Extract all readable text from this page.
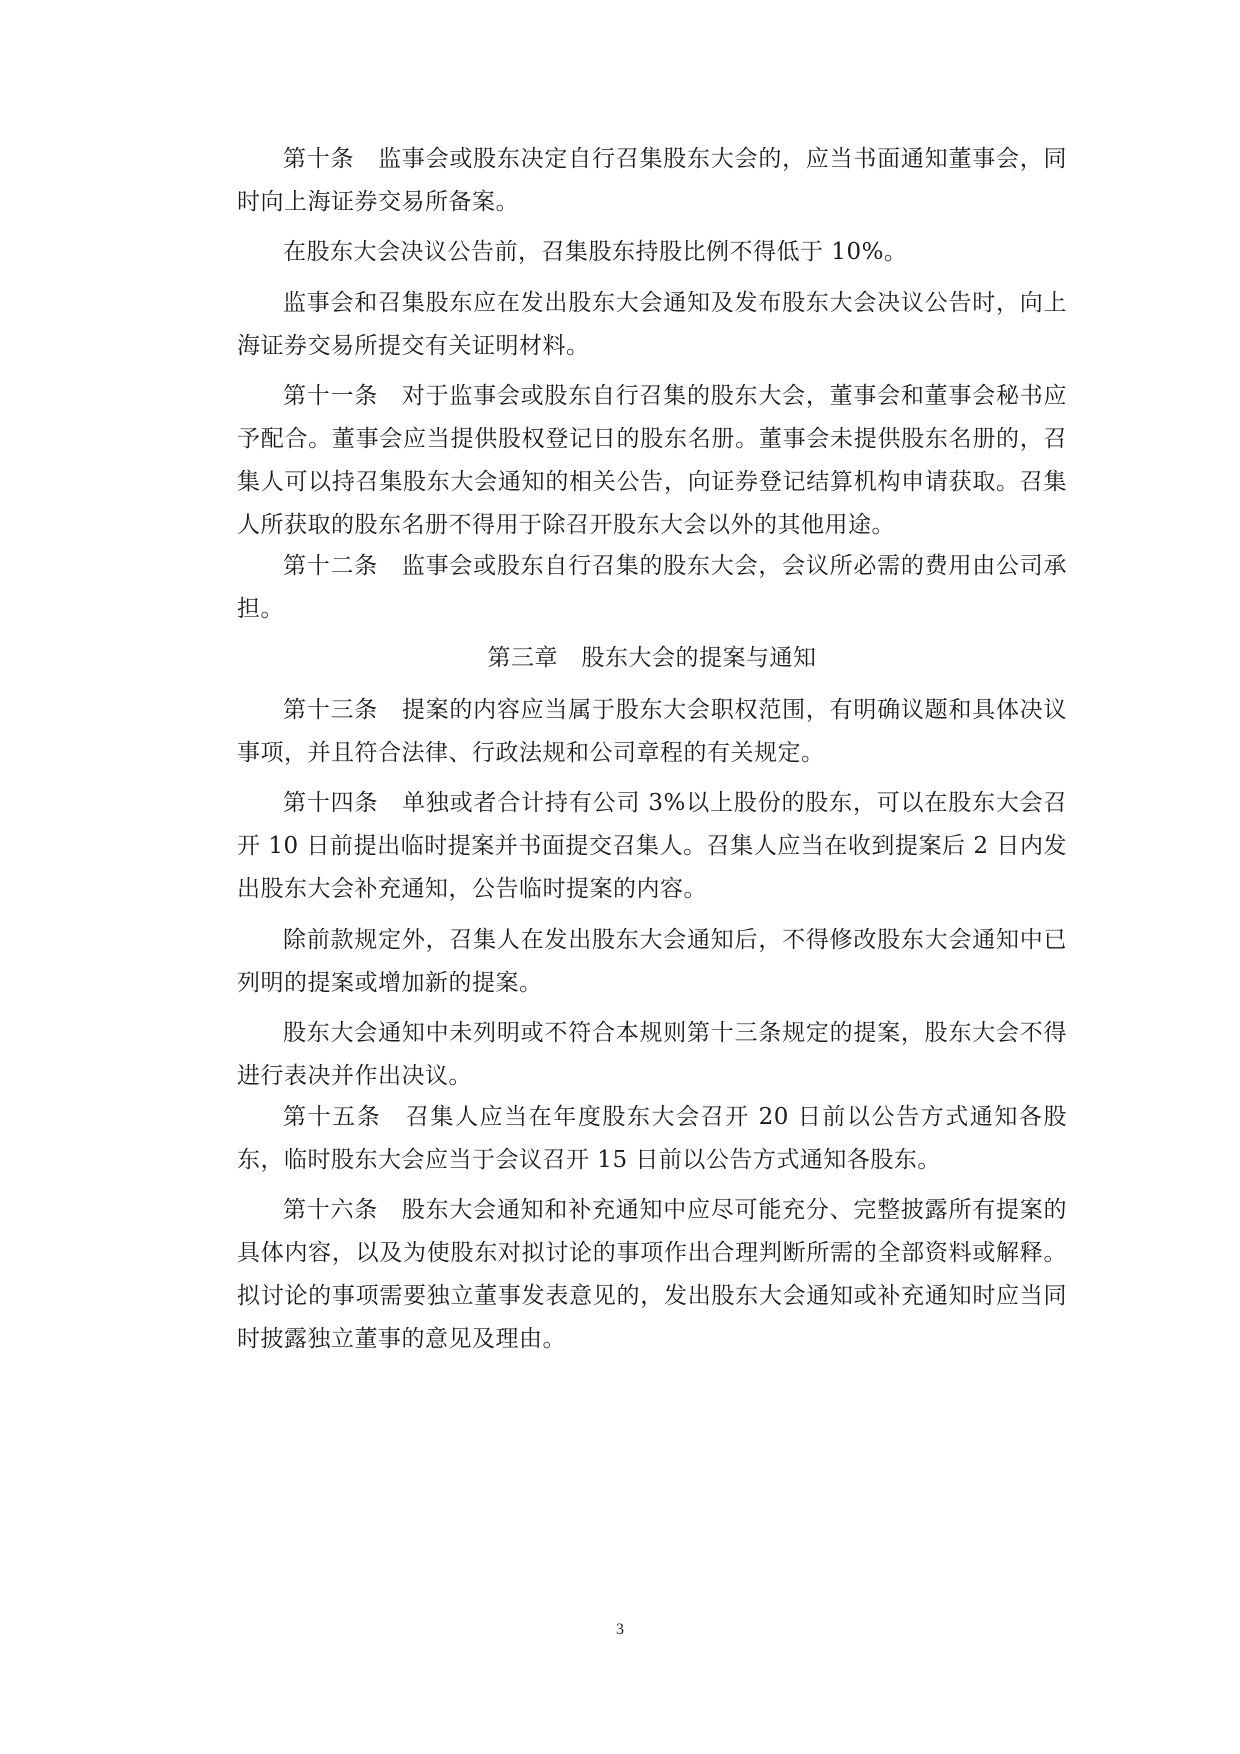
第十条　监事会或股东决定自行召集股东大会的，应当书面通知董事会，同时向上海证券交易所备案。

在股东大会决议公告前，召集股东持股比例不得低于 10%。

监事会和召集股东应在发出股东大会通知及发布股东大会决议公告时，向上海证券交易所提交有关证明材料。

第十一条　对于监事会或股东自行召集的股东大会，董事会和董事会秘书应予配合。董事会应当提供股权登记日的股东名册。董事会未提供股东名册的，召集人可以持召集股东大会通知的相关公告，向证券登记结算机构申请获取。召集人所获取的股东名册不得用于除召开股东大会以外的其他用途。

第十二条　监事会或股东自行召集的股东大会，会议所必需的费用由公司承担。

第三章　股东大会的提案与通知

第十三条　提案的内容应当属于股东大会职权范围，有明确议题和具体决议事项，并且符合法律、行政法规和公司章程的有关规定。

第十四条　单独或者合计持有公司 3%以上股份的股东，可以在股东大会召开 10 日前提出临时提案并书面提交召集人。召集人应当在收到提案后 2 日内发出股东大会补充通知，公告临时提案的内容。

除前款规定外，召集人在发出股东大会通知后，不得修改股东大会通知中已列明的提案或增加新的提案。

股东大会通知中未列明或不符合本规则第十三条规定的提案，股东大会不得进行表决并作出决议。

第十五条　召集人应当在年度股东大会召开 20 日前以公告方式通知各股东，临时股东大会应当于会议召开 15 日前以公告方式通知各股东。

第十六条　股东大会通知和补充通知中应尽可能充分、完整披露所有提案的具体内容，以及为使股东对拟讨论的事项作出合理判断所需的全部资料或解释。拟讨论的事项需要独立董事发表意见的，发出股东大会通知或补充通知时应当同时披露独立董事的意见及理由。

3
